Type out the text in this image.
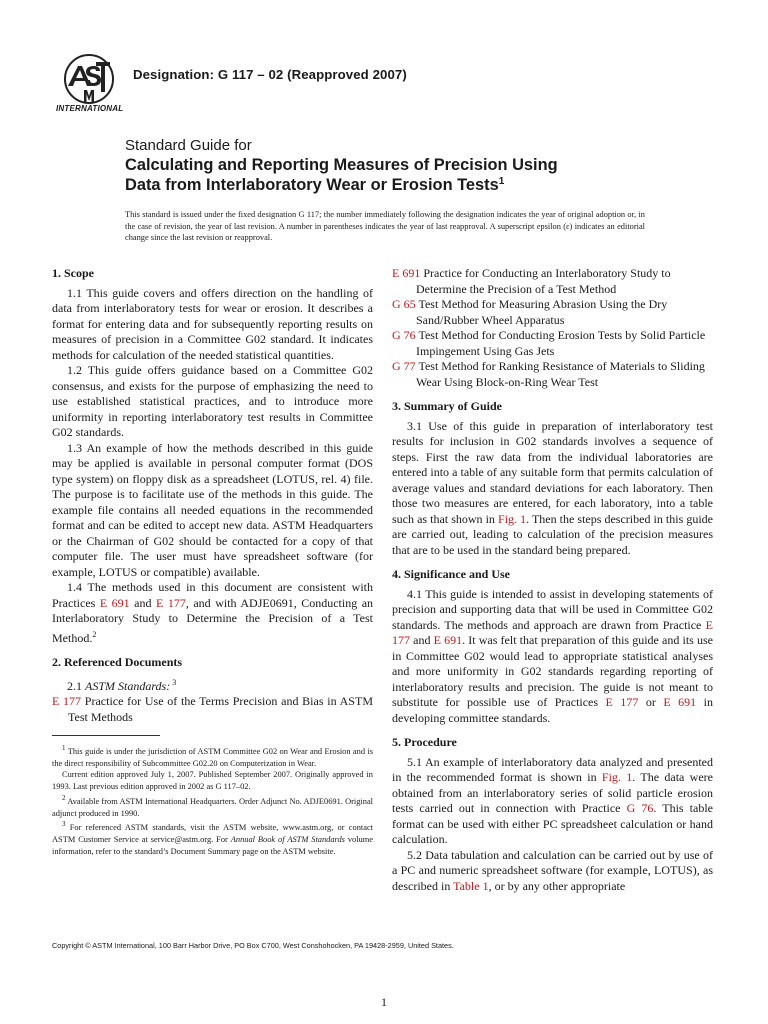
INTERNATIONAL
Designation: G 117 – 02 (Reapproved 2007)
Standard Guide for
Calculating and Reporting Measures of Precision Using
Data from Interlaboratory Wear or Erosion Tests$^1$

This standard is issued under the fixed designation G 117; the number immediately following the designation indicates the year of original adoption or, in the case of revision, the year of last revision. A number in parentheses indicates the year of last reapproval. A superscript epsilon (ε) indicates an editorial change since the last revision or reapproval.

1. Scope

1.1 This guide covers and offers direction on the handling of data from interlaboratory tests for wear or erosion. It describes a format for entering data and for subsequently reporting results on measures of precision in a Committee G02 standard. It indicates methods for calculation of the needed statistical quantities.

1.2 This guide offers guidance based on a Committee G02 consensus, and exists for the purpose of emphasizing the need to use established statistical practices, and to introduce more uniformity in reporting interlaboratory test results in Committee G02 standards.

1.3 An example of how the methods described in this guide may be applied is available in personal computer format (DOS type system) on floppy disk as a spreadsheet (LOTUS, rel. 4) file. The purpose is to facilitate use of the methods in this guide. The example file contains all needed equations in the recommended format and can be edited to accept new data. ASTM Headquarters or the Chairman of G02 should be contacted for a copy of that computer file. The user must have spreadsheet software (for example, LOTUS or compatible) available.

1.4 The methods used in this document are consistent with Practices E 691 and E 177, and with ADJE0691, Conducting an Interlaboratory Study to Determine the Precision of a Test Method.$^2$

2. Referenced Documents

2.1 ASTM Standards: $^3$

E 177 Practice for Use of the Terms Precision and Bias in ASTM Test Methods

$^1$ This guide is under the jurisdiction of ASTM Committee G02 on Wear and Erosion and is the direct responsibility of Subcommittee G02.20 on Computerization in Wear.

Current edition approved July 1, 2007. Published September 2007. Originally approved in 1993. Last previous edition approved in 2002 as G 117–02.

$^2$ Available from ASTM International Headquarters. Order Adjunct No. ADJE0691. Original adjunct produced in 1990.

$^3$ For referenced ASTM standards, visit the ASTM website, www.astm.org, or contact ASTM Customer Service at service@astm.org. For Annual Book of ASTM Standards volume information, refer to the standard’s Document Summary page on the ASTM website.

E 691 Practice for Conducting an Interlaboratory Study to Determine the Precision of a Test Method

G 65 Test Method for Measuring Abrasion Using the Dry Sand/Rubber Wheel Apparatus

G 76 Test Method for Conducting Erosion Tests by Solid Particle Impingement Using Gas Jets

G 77 Test Method for Ranking Resistance of Materials to Sliding Wear Using Block-on-Ring Wear Test

3. Summary of Guide

3.1 Use of this guide in preparation of interlaboratory test results for inclusion in G02 standards involves a sequence of steps. First the raw data from the individual laboratories are entered into a table of any suitable form that permits calculation of average values and standard deviations for each laboratory. Then those two measures are entered, for each laboratory, into a table such as that shown in Fig. 1. Then the steps described in this guide are carried out, leading to calculation of the precision measures that are to be used in the standard being prepared.

4. Significance and Use

4.1 This guide is intended to assist in developing statements of precision and supporting data that will be used in Committee G02 standards. The methods and approach are drawn from Practice E 177 and E 691. It was felt that preparation of this guide and its use in Committee G02 would lead to appropriate statistical analyses and more uniformity in G02 standards regarding reporting of interlaboratory results and precision. The guide is not meant to substitute for possible use of Practices E 177 or E 691 in developing committee standards.

5. Procedure

5.1 An example of interlaboratory data analyzed and presented in the recommended format is shown in Fig. 1. The data were obtained from an interlaboratory series of solid particle erosion tests carried out in connection with Practice G 76. This table format can be used with either PC spreadsheet calculation or hand calculation.

5.2 Data tabulation and calculation can be carried out by use of a PC and numeric spreadsheet software (for example, LOTUS), as described in Table 1, or by any other appropriate

Copyright © ASTM International, 100 Barr Harbor Drive, PO Box C700, West Conshohocken, PA 19428-2959, United States.
1
